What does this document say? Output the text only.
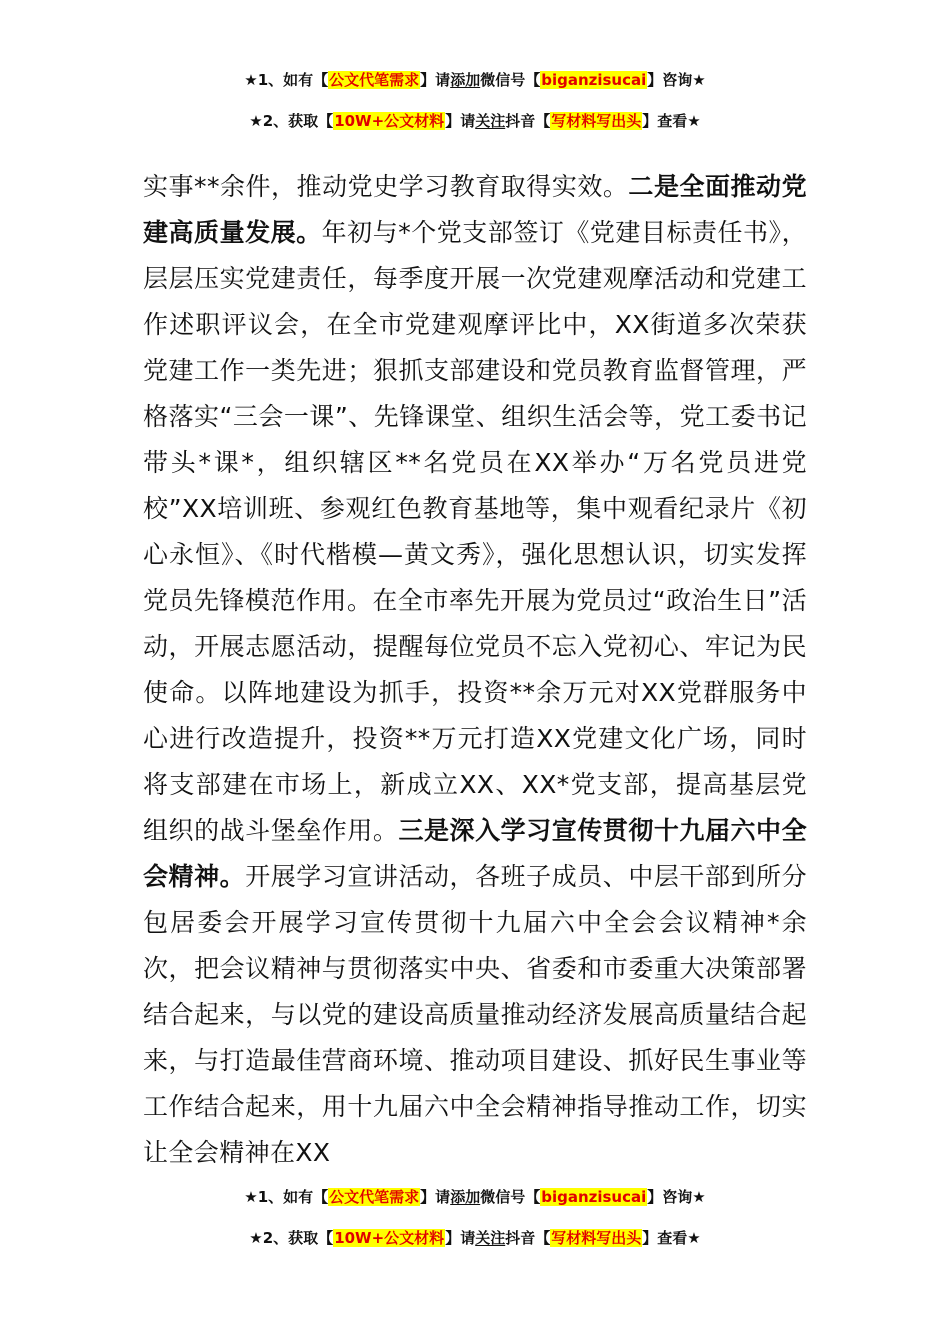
★1、如有【公文代笔需求】请添加微信号【biganzisucai】咨询★
★2、获取【10W+公文材料】请关注抖音【写材料写出头】查看★
实事**余件，推动党史学习教育取得实效。二是全面推动党建高质量发展。年初与*个党支部签订《党建目标责任书》，层层压实党建责任，每季度开展一次党建观摩活动和党建工作述职评议会，在全市党建观摩评比中，XX街道多次荣获党建工作一类先进；狠抓支部建设和党员教育监督管理，严格落实“三会一课”、先锋课堂、组织生活会等，党工委书记带头*课*，组织辖区**名党员在XX举办“万名党员进党校”XX培训班、参观红色教育基地等，集中观看纪录片《初心永恒》、《时代楷模—黄文秀》，强化思想认识，切实发挥党员先锋模范作用。在全市率先开展为党员过“政治生日”活动，开展志愿活动，提醒每位党员不忘入党初心、牢记为民使命。以阵地建设为抓手，投资**余万元对XX党群服务中心进行改造提升，投资**万元打造XX党建文化广场，同时将支部建在市场上，新成立XX、XX*党支部，提高基层党组织的战斗堡垒作用。三是深入学习宣传贯彻十九届六中全会精神。开展学习宣讲活动，各班子成员、中层干部到所分包居委会开展学习宣传贯彻十九届六中全会会议精神*余次，把会议精神与贯彻落实中央、省委和市委重大决策部署结合起来，与以党的建设高质量推动经济发展高质量结合起来，与打造最佳营商环境、推动项目建设、抓好民生事业等工作结合起来，用十九届六中全会精神指导推动工作，切实让全会精神在XX
★1、如有【公文代笔需求】请添加微信号【biganzisucai】咨询★
★2、获取【10W+公文材料】请关注抖音【写材料写出头】查看★
